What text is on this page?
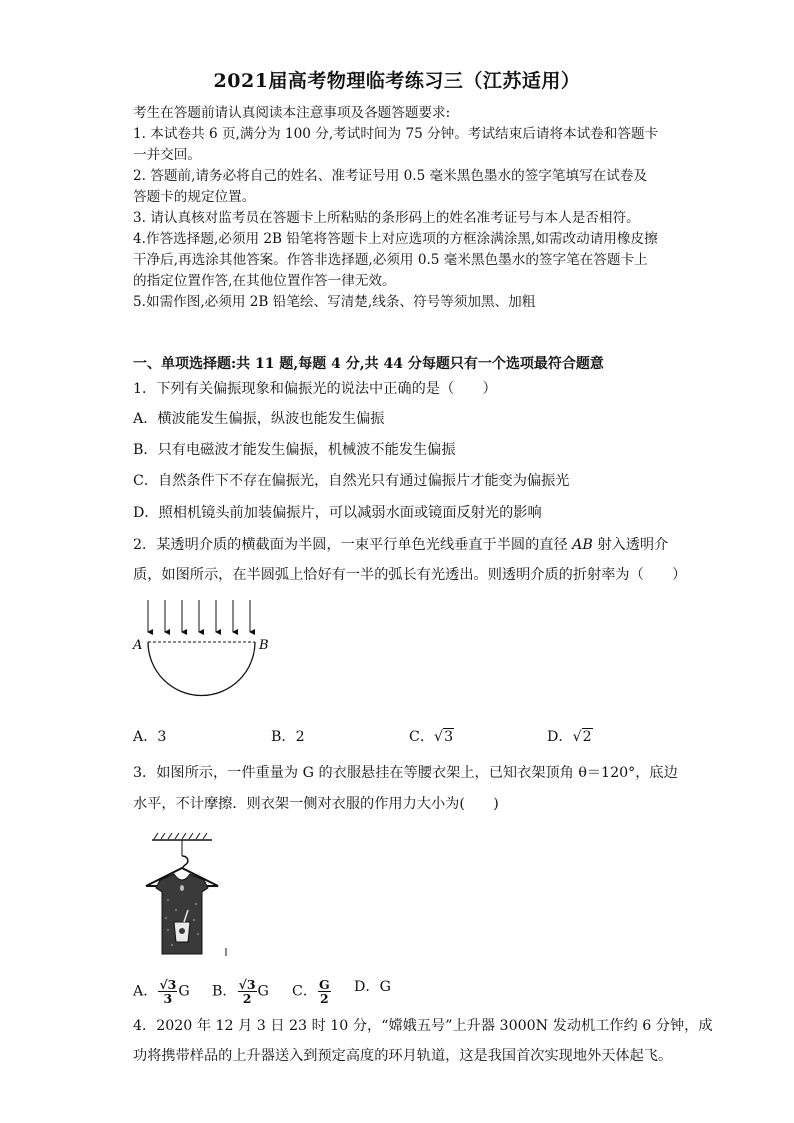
2021届高考物理临考练习三（江苏适用）
考生在答题前请认真阅读本注意事项及各题答题要求:
1. 本试卷共 6 页,满分为 100 分,考试时间为 75 分钟。考试结束后请将本试卷和答题卡
一并交回。
2. 答题前,请务必将自己的姓名、准考证号用 0.5 毫米黑色墨水的签字笔填写在试卷及
答题卡的规定位置。
3. 请认真核对监考员在答题卡上所粘贴的条形码上的姓名准考证号与本人是否相符。
4.作答选择题,必须用 2B 铅笔将答题卡上对应选项的方框涂满涂黑,如需改动请用橡皮擦
干净后,再选涂其他答案。作答非选择题,必须用 0.5 毫米黑色墨水的签字笔在答题卡上
的指定位置作答,在其他位置作答一律无效。
5.如需作图,必须用 2B 铅笔绘、写清楚,线条、符号等须加黑、加粗
一、单项选择题:共 11 题,每题 4 分,共 44 分每题只有一个选项最符合题意
1．下列有关偏振现象和偏振光的说法中正确的是（　　）
A．横波能发生偏振，纵波也能发生偏振
B．只有电磁波才能发生偏振，机械波不能发生偏振
C．自然条件下不存在偏振光，自然光只有通过偏振片才能变为偏振光
D．照相机镜头前加装偏振片，可以减弱水面或镜面反射光的影响
2．某透明介质的横截面为半圆，一束平行单色光线垂直于半圆的直径 AB 射入透明介
质，如图所示，在半圆弧上恰好有一半的弧长有光透出。则透明介质的折射率为（　　）
A	B
A．3	B．2	C．√3	D．√2
3．如图所示，一件重量为 G 的衣服悬挂在等腰衣架上，已知衣架顶角 θ＝120°，底边
水平，不计摩擦．则衣架一侧对衣服的作用力大小为(　　)
A． $\frac{√3}{3}$ G B． $\frac{√3}{2}$ G C． $\frac{G}{2}$ D．G
4．2020 年 12 月 3 日 23 时 10 分，“嫦娥五号”上升器 3000N 发动机工作约 6 分钟，成
功将携带样品的上升器送入到预定高度的环月轨道，这是我国首次实现地外天体起飞。
